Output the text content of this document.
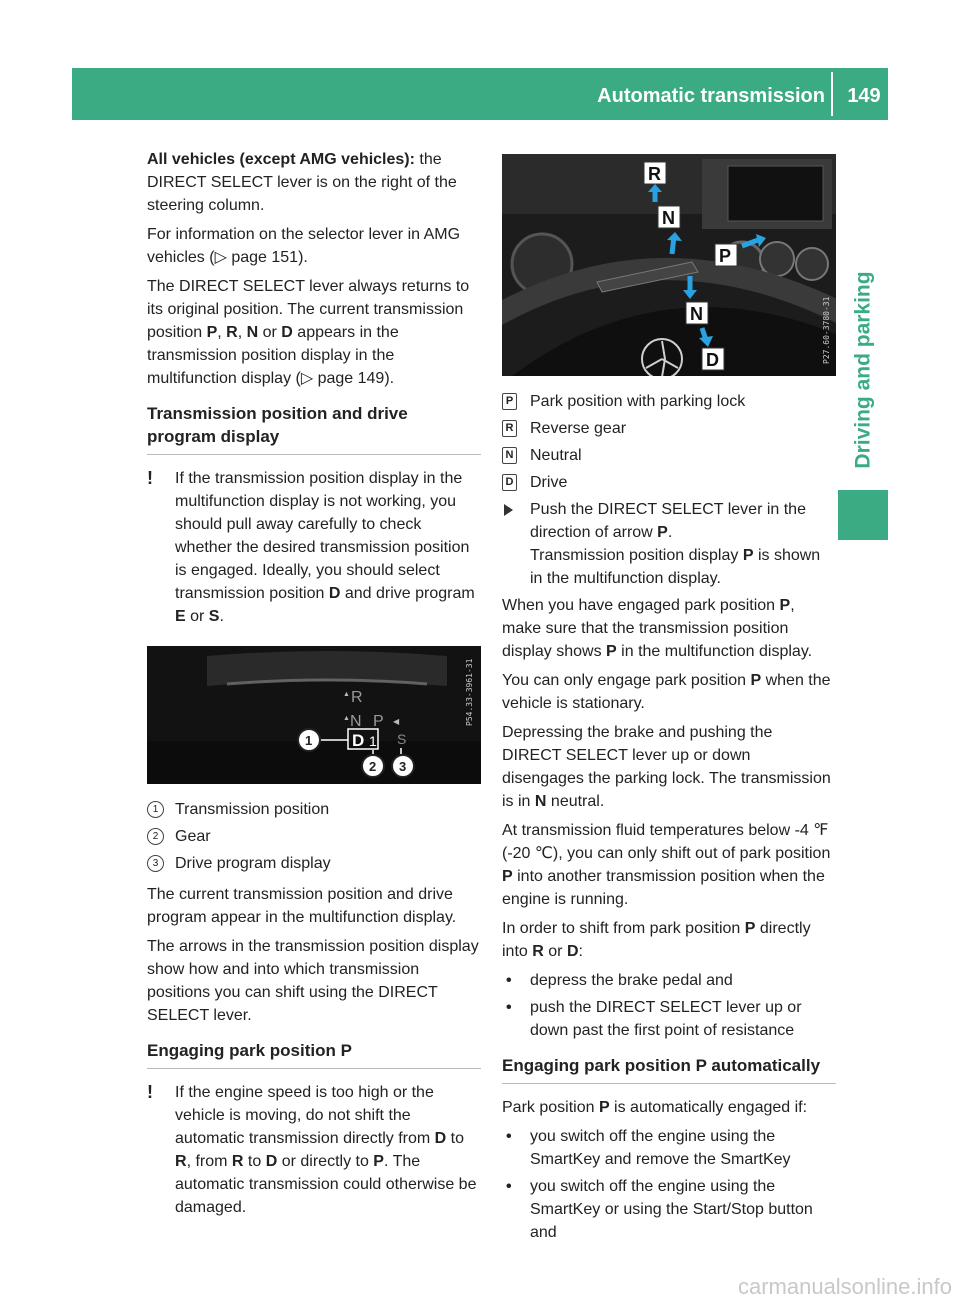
Automatic transmission	149
Driving and parking

All vehicles (except AMG vehicles): the DIRECT SELECT lever is on the right of the steering column.

For information on the selector lever in AMG vehicles (▷ page 151).

The DIRECT SELECT lever always returns to its original position. The current transmission position P, R, N or D appears in the transmission position display in the multifunction display (▷ page 149).

Transmission position and drive program display
! If the transmission position display in the multifunction display is not working, you should pull away carefully to check whether the desired transmission position is engaged. Ideally, you should select transmission position D and drive program E or S.
▲ R
▲ N P ◀
D 1 S
1
2 3
P54.33-3961-31
1	Transmission position
2	Gear
3	Drive program display

The current transmission position and drive program appear in the multifunction display.

The arrows in the transmission position display show how and into which transmission positions you can shift using the DIRECT SELECT lever.

Engaging park position P
! If the engine speed is too high or the vehicle is moving, do not shift the automatic transmission directly from D to R, from R to D or directly to P. The automatic transmission could otherwise be damaged.
R
N
P
N
D	P27.60-3780-31
P Park position with parking lock
R Reverse gear
N Neutral
D Drive
Push the DIRECT SELECT lever in the direction of arrow P.
Transmission position display P is shown in the multifunction display.

When you have engaged park position P, make sure that the transmission position display shows P in the multifunction display.

You can only engage park position P when the vehicle is stationary.

Depressing the brake and pushing the DIRECT SELECT lever up or down disengages the parking lock. The transmission is in N neutral.

At transmission fluid temperatures below -4 ℉ (-20 ℃), you can only shift out of park position P into another transmission position when the engine is running.

In order to shift from park position P directly into R or D:

• depress the brake pedal and
• push the DIRECT SELECT lever up or down past the first point of resistance
Engaging park position P automatically

Park position P is automatically engaged if:

• you switch off the engine using the SmartKey and remove the SmartKey
• you switch off the engine using the SmartKey or using the Start/Stop button and
carmanualsonline.info
